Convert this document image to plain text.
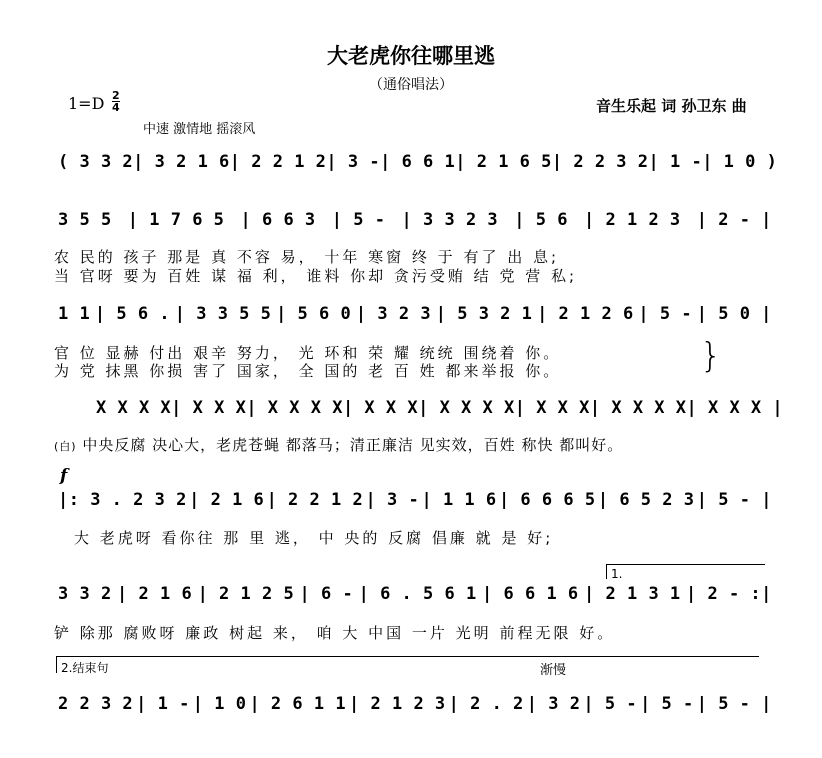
大老虎你往哪里逃
（通俗唱法）
1=D 2
4	音生乐起 词 孙卫东 曲
中速 激情地 摇滚风
( 3 3 2 | 3 2 1 6 | 2 2 1 2 | 3 - | 6 6 1 | 2 1 6 5 | 2 2 3 2 | 1 - | 1 0 )
3 5 5 | 1 7 6 5 | 6 6 3 | 5 - | 3 3 2 3 | 5 6 | 2 1 2 3 | 2 - |
农 民的 孩子 那是 真 不容 易， 十年 寒窗 终 于 有了 出 息;
当 官呀 要为 百姓 谋 福 利， 谁料 你却 贪污受贿 结 党 营 私;
1 1 | 5 6 . | 3 3 5 5 | 5 6 0 | 3 2 3 | 5 3 2 1 | 2 1 2 6 | 5 - | 5 0 |
官 位 显赫 付出 艰辛 努力， 光 环和 荣 耀 统统 围绕着 你。
为 党 抹黑 你损 害了 国家， 全 国的 老 百 姓 都来举报 你。	}
X X X X | X X X | X X X X | X X X | X X X X | X X X | X X X X | X X X |
(白) 中央反腐 决心大，老虎苍蝇 都落马；清正廉洁 见实效，百姓 称快 都叫好。
f
|: 3 . 2 3 2 | 2 1 6 | 2 2 1 2 | 3 - | 1 1 6 | 6 6 6 5 | 6 5 2 3 | 5 - |
大 老虎呀 看你往 那 里 逃， 中 央的 反腐 倡廉 就 是 好;
1.
3 3 2 | 2 1 6 | 2 1 2 5 | 6 - | 6 . 5 6 1 | 6 6 1 6 | 2 1 3 1 | 2 - :|
铲 除那 腐败呀 廉政 树起 来， 咱 大 中国 一片 光明 前程无限 好。
2.结束句	渐慢
2 2 3 2 | 1 - | 1 0 | 2 6 1 1 | 2 1 2 3 | 2 . 2 | 3 2 | 5 - | 5 - | 5 - |
